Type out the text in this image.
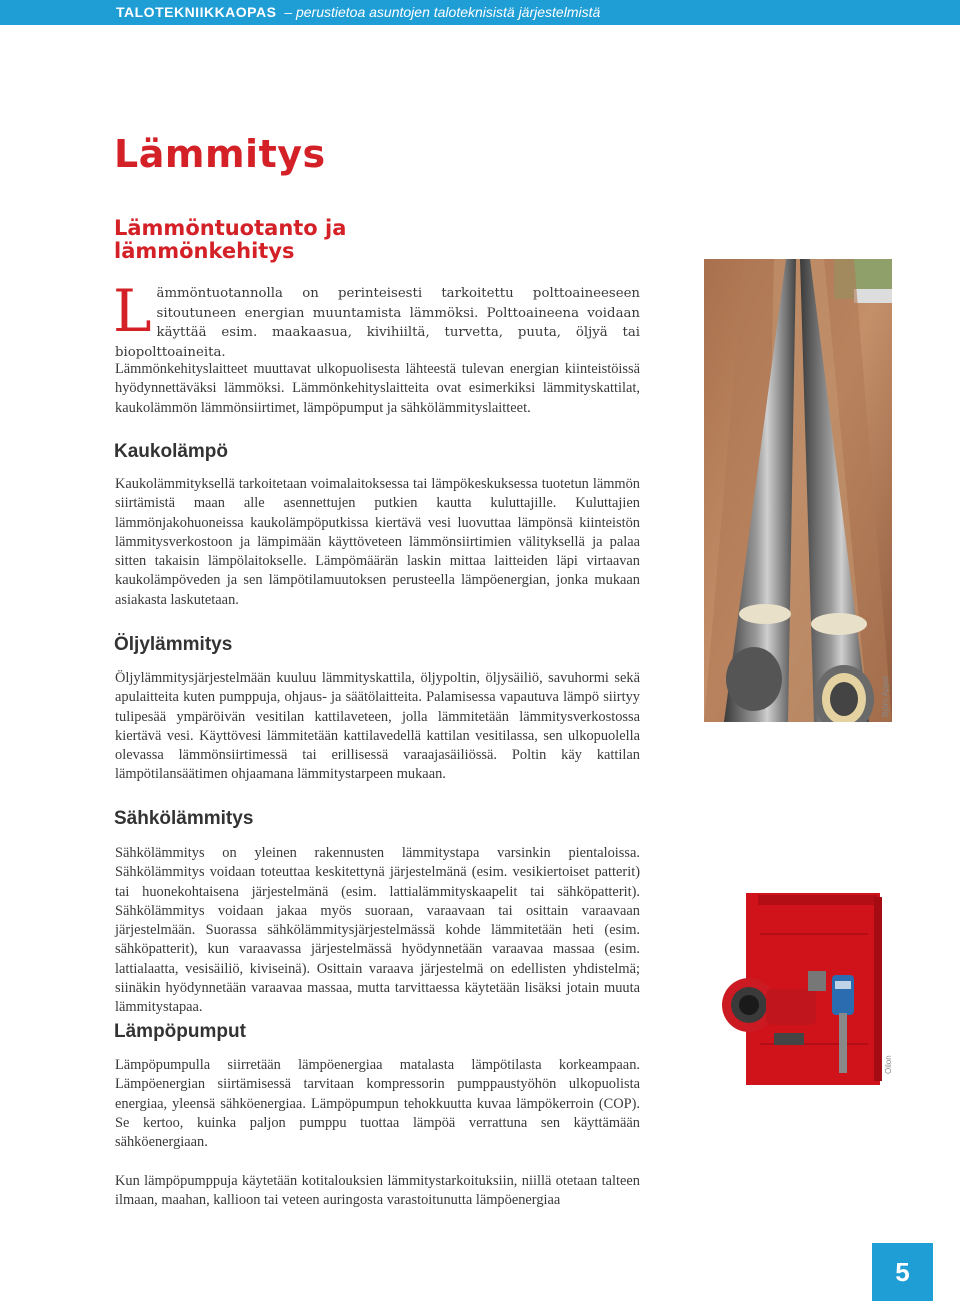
TALOTEKNIIKKAOPAS – perustietoa asuntojen taloteknisistä järjestelmistä
Lämmitys
Lämmöntuotanto ja lämmönkehitys

L ämmöntuotannolla on perinteisesti tarkoitettu polttoaineeseen sitoutuneen energian muuntamista lämmöksi. Polttoaineena voidaan käyttää esim. maakaasua, kivihiiltä, turvetta, puuta, öljyä tai biopolttoaineita.

Lämmönkehityslaitteet muuttavat ulkopuolisesta lähteestä tulevan energian kiinteistöissä hyödynnettäväksi lämmöksi. Lämmönkehityslaitteita ovat esimerkiksi lämmityskattilat, kaukolämmön lämmönsiirtimet, lämpöpumput ja sähkölämmityslaitteet.

Kaukolämpö

Kaukolämmityksellä tarkoitetaan voimalaitoksessa tai lämpökeskuksessa tuotetun lämmön siirtämistä maan alle asennettujen putkien kautta kuluttajille. Kuluttajien lämmönjakohuoneissa kaukolämpöputkissa kiertävä vesi luovuttaa lämpönsä kiinteistön lämmitysverkostoon ja lämpimään käyttöveteen lämmönsiirtimien välityksellä ja palaa sitten takaisin lämpölaitokselle. Lämpömäärän laskin mittaa laitteiden läpi virtaavan kaukolämpöveden ja sen lämpötilamuutoksen perusteella lämpöenergian, jonka mukaan asiakasta laskutetaan.

Öljylämmitys

Öljylämmitysjärjestelmään kuuluu lämmityskattila, öljypoltin, öljysäiliö, savuhormi sekä apulaitteita kuten pumppuja, ohjaus- ja säätölaitteita. Palamisessa vapautuva lämpö siirtyy tulipesää ympäröivän vesitilan kattilaveteen, jolla lämmitetään lämmitysverkostossa kiertävä vesi. Käyttövesi lämmitetään kattilavedellä kattilan vesitilassa, sen ulkopuolella olevassa lämmönsiirtimessä tai erillisessä varaajasäiliössä. Poltin käy kattilan lämpötilansäätimen ohjaamana lämmitystarpeen mukaan.

Sähkölämmitys

Sähkölämmitys on yleinen rakennusten lämmitystapa varsinkin pientaloissa. Sähkölämmitys voidaan toteuttaa keskitettynä järjestelmänä (esim. vesikiertoiset patterit) tai huonekohtaisena järjestelmänä (esim. lattialämmityskaapelit tai sähköpatterit). Sähkölämmitys voidaan jakaa myös suoraan, varaavaan tai osittain varaavaan järjestelmään. Suorassa sähkölämmitysjärjestelmässä kohde lämmitetään heti (esim. sähköpatterit), kun varaavassa järjestelmässä hyödynnetään varaavaa massaa (esim. lattialaatta, vesisäiliö, kiviseinä). Osittain varaava järjestelmä on edellisten yhdistelmä; siinäkin hyödynnetään varaavaa massaa, mutta tarvittaessa käytetään lisäksi jotain muuta lämmitystapaa.

Lämpöpumput

Lämpöpumpulla siirretään lämpöenergiaa matalasta lämpötilasta korkeampaan. Lämpöenergian siirtämisessä tarvitaan kompressorin pumppaustyöhön ulkopuolista energiaa, yleensä sähköenergiaa. Lämpöpumpun tehokkuutta kuvaa lämpökerroin (COP). Se kertoo, kuinka paljon pumppu tuottaa lämpöä verrattuna sen käyttämään sähköenergiaan.

Kun lämpöpumppuja käytetään kotitalouksien lämmitystarkoituksiin, niillä otetaan talteen ilmaan, maahan, kallioon tai veteen auringosta varastoitunutta lämpöenergiaa

Björn Appel
Oilon
5
